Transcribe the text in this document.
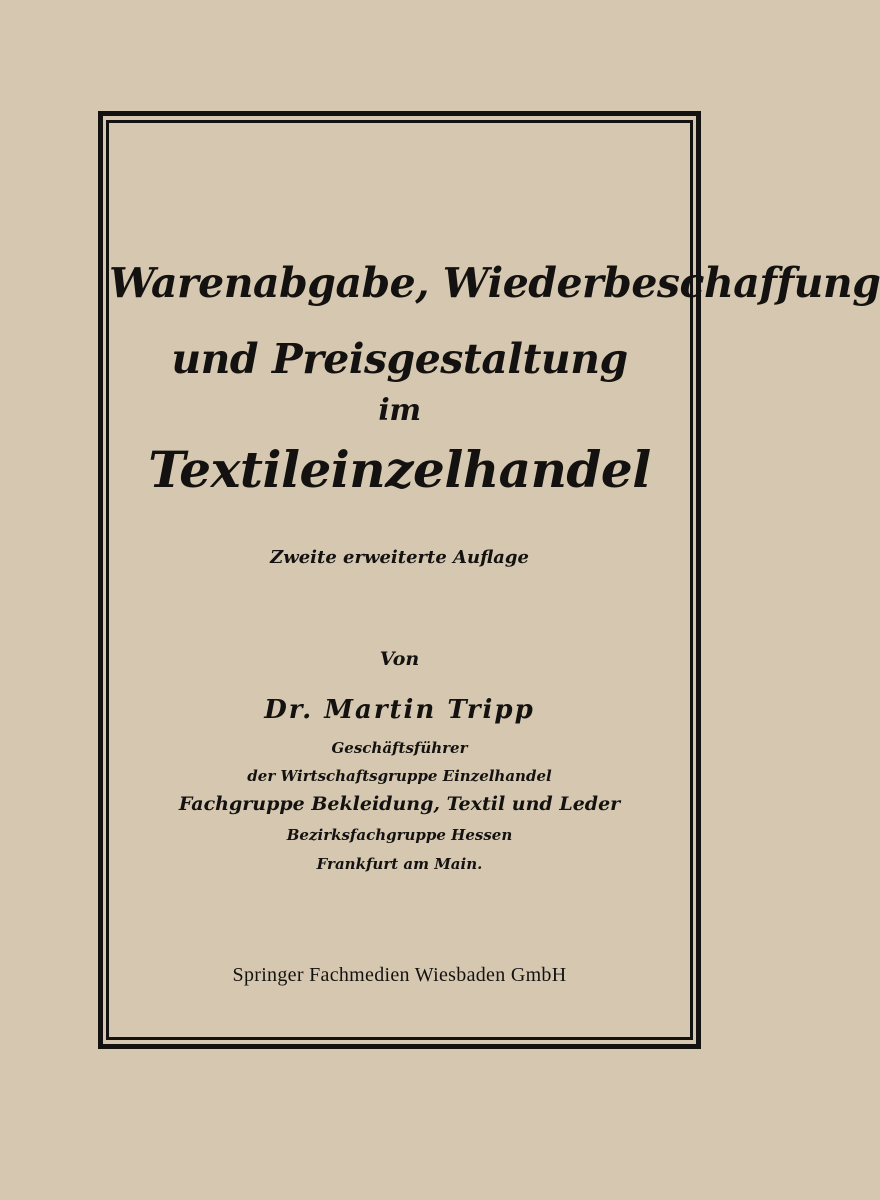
Warenabgabe, Wiederbeschaffung
und Preisgestaltung
im
Textileinzelhandel
Zweite erweiterte Auflage
Von
Dr. Martin Tripp
Geschäftsführer
der Wirtschaftsgruppe Einzelhandel
Fachgruppe Bekleidung, Textil und Leder
Bezirksfachgruppe Hessen
Frankfurt am Main.
Springer Fachmedien Wiesbaden GmbH
